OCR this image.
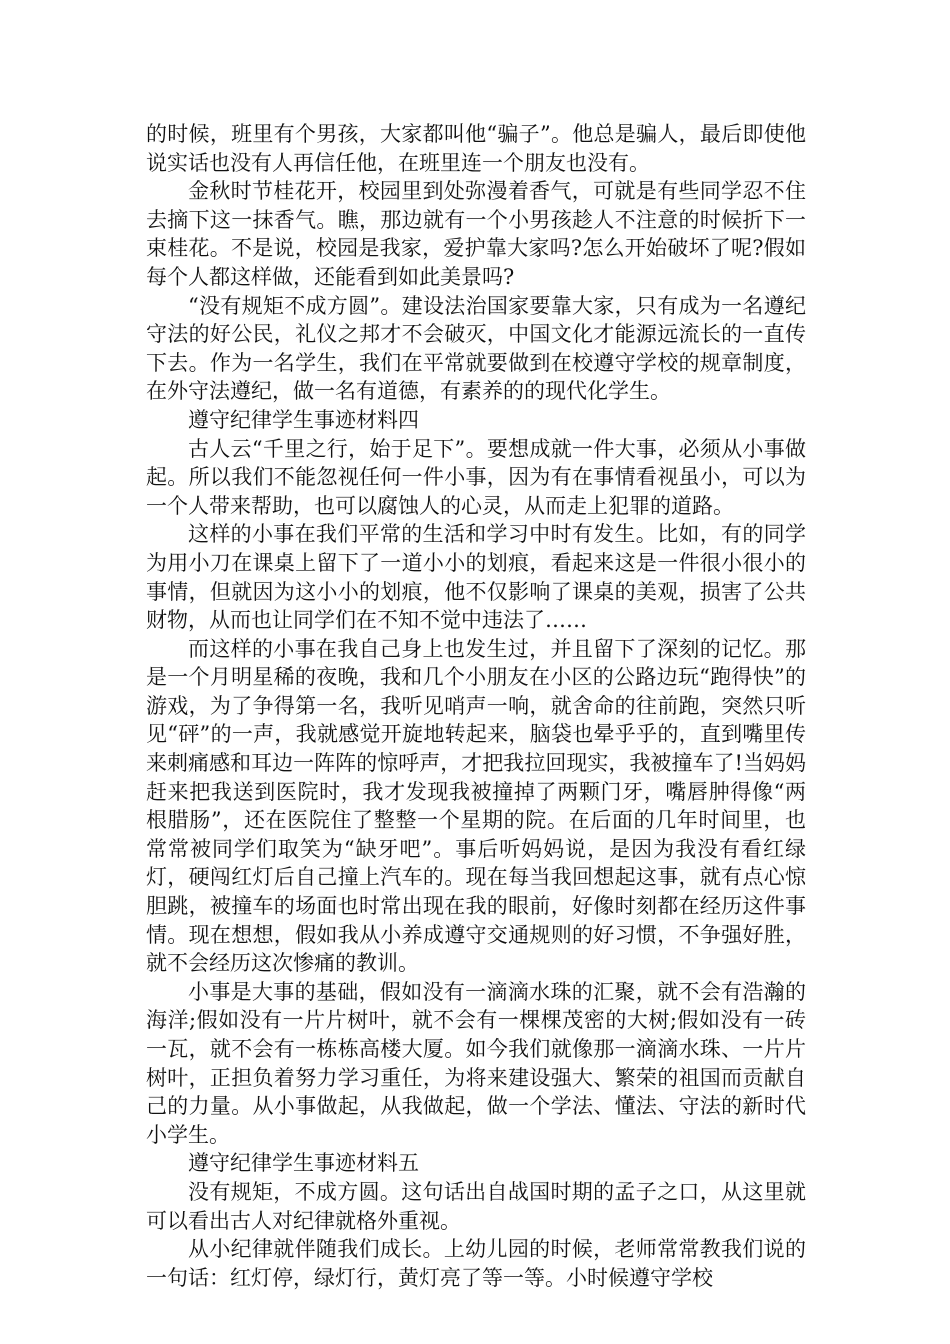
的时候，班里有个男孩，大家都叫他“骗子”。他总是骗人，最后即使他说实话也没有人再信任他，在班里连一个朋友也没有。

金秋时节桂花开，校园里到处弥漫着香气，可就是有些同学忍不住去摘下这一抹香气。瞧，那边就有一个小男孩趁人不注意的时候折下一束桂花。不是说，校园是我家，爱护靠大家吗?怎么开始破坏了呢?假如每个人都这样做，还能看到如此美景吗?

“没有规矩不成方圆”。建设法治国家要靠大家，只有成为一名遵纪守法的好公民，礼仪之邦才不会破灭，中国文化才能源远流长的一直传下去。作为一名学生，我们在平常就要做到在校遵守学校的规章制度，在外守法遵纪，做一名有道德，有素养的的现代化学生。

遵守纪律学生事迹材料四

古人云“千里之行，始于足下”。要想成就一件大事，必须从小事做起。所以我们不能忽视任何一件小事，因为有在事情看视虽小，可以为一个人带来帮助，也可以腐蚀人的心灵，从而走上犯罪的道路。

这样的小事在我们平常的生活和学习中时有发生。比如，有的同学为用小刀在课桌上留下了一道小小的划痕，看起来这是一件很小很小的事情，但就因为这小小的划痕，他不仅影响了课桌的美观，损害了公共财物，从而也让同学们在不知不觉中违法了……

而这样的小事在我自己身上也发生过，并且留下了深刻的记忆。那是一个月明星稀的夜晚，我和几个小朋友在小区的公路边玩“跑得快”的游戏，为了争得第一名，我听见哨声一响，就舍命的往前跑，突然只听见“砰”的一声，我就感觉开旋地转起来，脑袋也晕乎乎的，直到嘴里传来刺痛感和耳边一阵阵的惊呼声，才把我拉回现实，我被撞车了!当妈妈赶来把我送到医院时，我才发现我被撞掉了两颗门牙，嘴唇肿得像“两根腊肠”，还在医院住了整整一个星期的院。在后面的几年时间里，也常常被同学们取笑为“缺牙吧”。事后听妈妈说，是因为我没有看红绿灯，硬闯红灯后自己撞上汽车的。现在每当我回想起这事，就有点心惊胆跳，被撞车的场面也时常出现在我的眼前，好像时刻都在经历这件事情。现在想想，假如我从小养成遵守交通规则的好习惯，不争强好胜，就不会经历这次惨痛的教训。

小事是大事的基础，假如没有一滴滴水珠的汇聚，就不会有浩瀚的海洋;假如没有一片片树叶，就不会有一棵棵茂密的大树;假如没有一砖一瓦，就不会有一栋栋高楼大厦。如今我们就像那一滴滴水珠、一片片树叶，正担负着努力学习重任，为将来建设强大、繁荣的祖国而贡献自己的力量。从小事做起，从我做起，做一个学法、懂法、守法的新时代小学生。

遵守纪律学生事迹材料五

没有规矩，不成方圆。这句话出自战国时期的孟子之口，从这里就可以看出古人对纪律就格外重视。

从小纪律就伴随我们成长。上幼儿园的时候，老师常常教我们说的一句话：红灯停，绿灯行，黄灯亮了等一等。小时候遵守学校
